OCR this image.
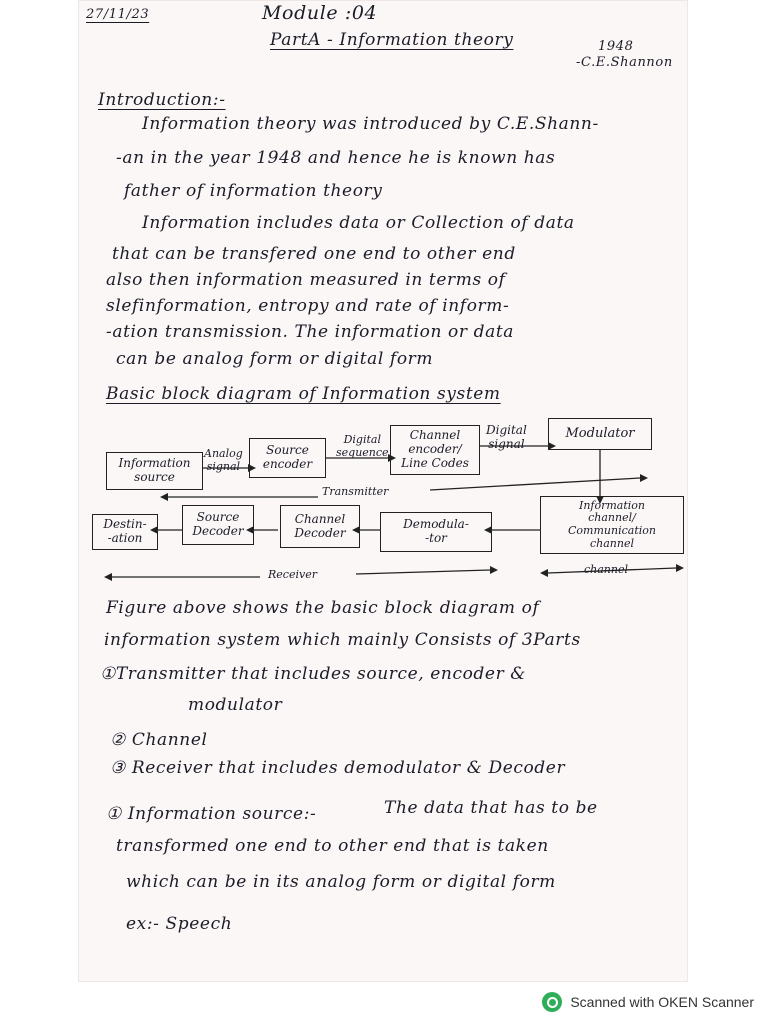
27/11/23	Module :04
PartA - Information theory	1948
-C.E.Shannon
Introduction:-
Information theory was introduced by C.E.Shann-
-an in the year 1948 and hence he is known has
father of information theory
Information includes data or Collection of data
that can be transfered one end to other end
also then information measured in terms of
slefinformation, entropy and rate of inform-
-ation transmission. The information or data
can be analog form or digital form
Basic block diagram of Information system
Information
source
Source
encoder
Channel
encoder/
Line Codes
Modulator
Destin-
-ation
Source
Decoder
Channel
Decoder
Demodula-
-tor
Information
channel/
Communication
channel
Analog
signal
Digital
sequence
Digital
signal
Transmitter
Receiver	channel
Figure above shows the basic block diagram of
information system which mainly Consists of 3Parts
①Transmitter that includes source, encoder &
modulator
② Channel
③ Receiver that includes demodulator & Decoder
① Information source:-	The data that has to be
transformed one end to other end that is taken
which can be in its analog form or digital form
ex:- Speech
Scanned with OKEN Scanner
